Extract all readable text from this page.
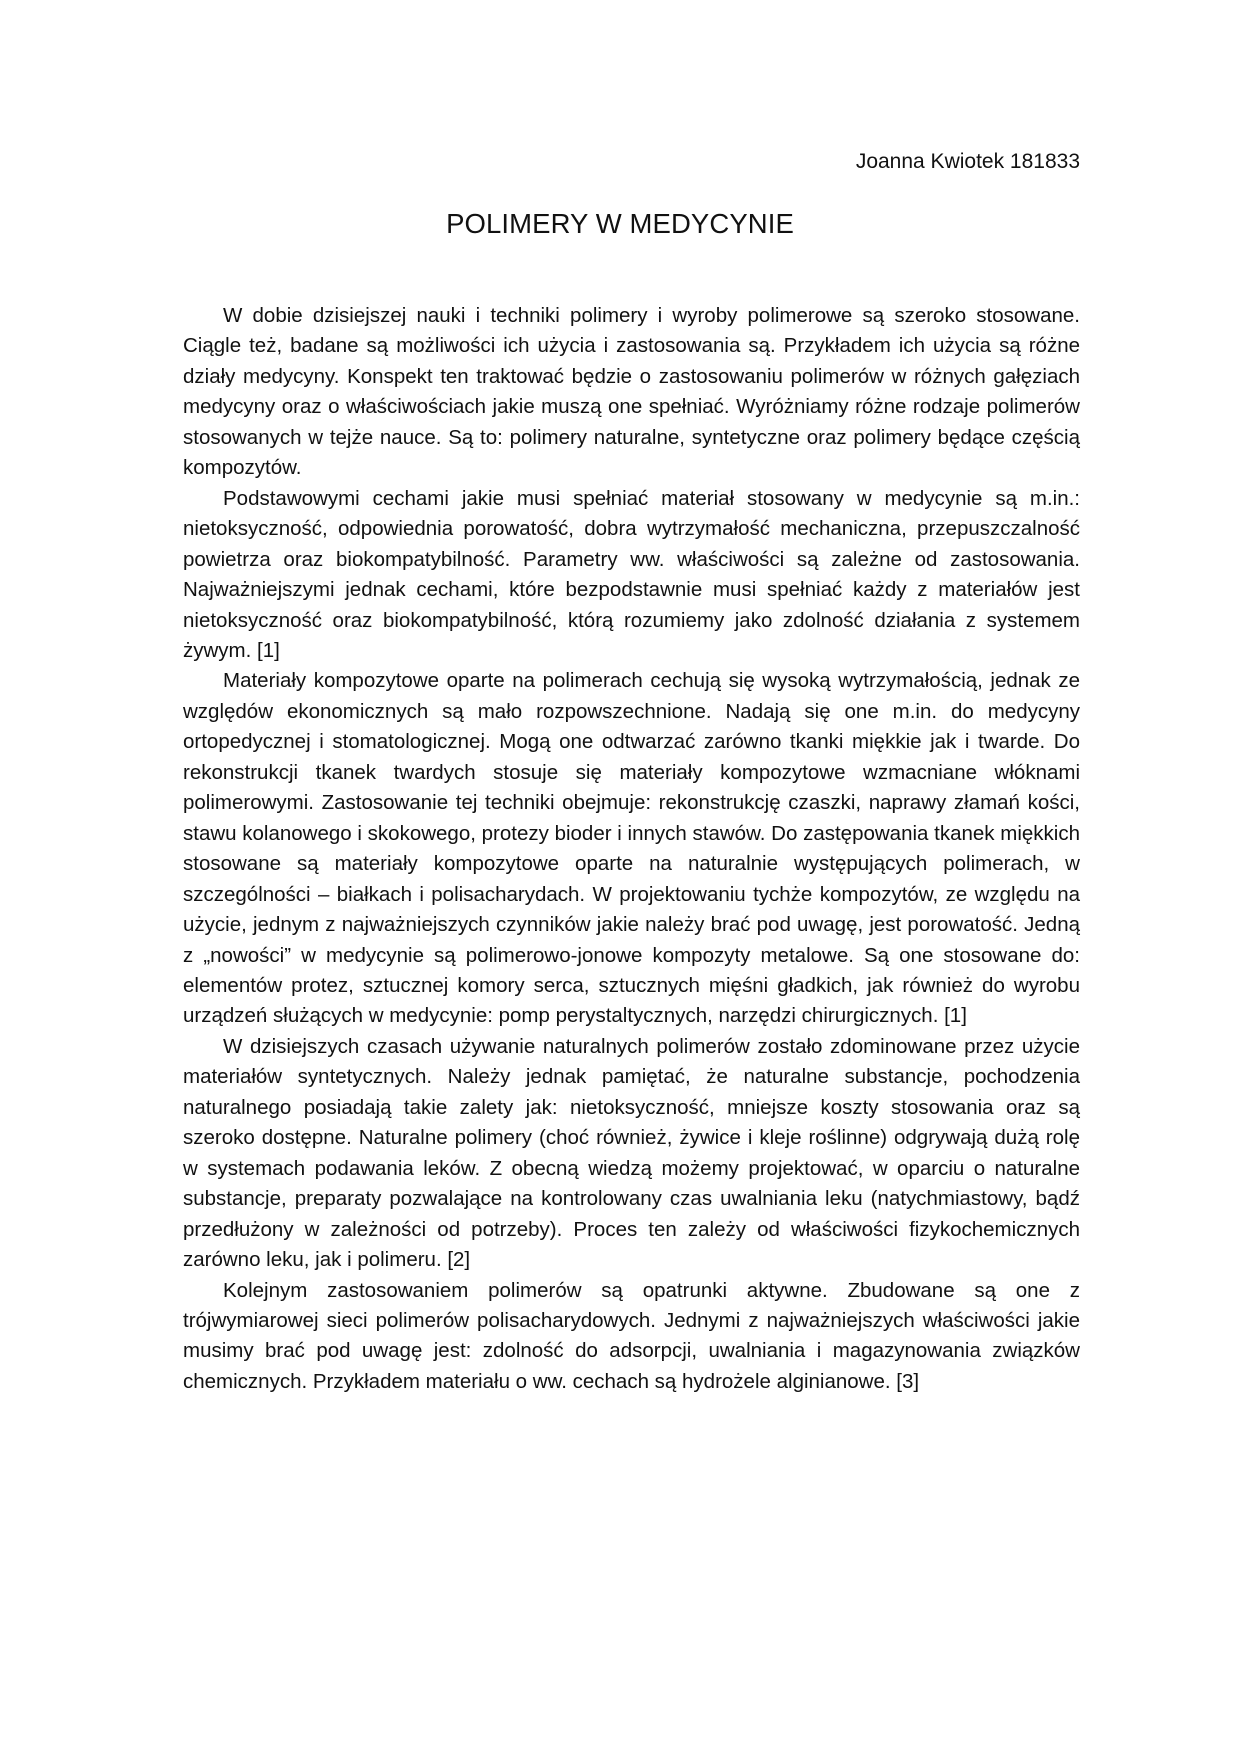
Joanna Kwiotek 181833
POLIMERY W MEDYCYNIE

W dobie dzisiejszej nauki i techniki polimery i wyroby polimerowe są szeroko stosowane. Ciągle też, badane są możliwości ich użycia i zastosowania są. Przykładem ich użycia są różne działy medycyny. Konspekt ten traktować będzie o zastosowaniu polimerów w różnych gałęziach medycyny oraz o właściwościach jakie muszą one spełniać. Wyróżniamy różne rodzaje polimerów stosowanych w tejże nauce. Są to: polimery naturalne, syntetyczne oraz polimery będące częścią kompozytów.

Podstawowymi cechami jakie musi spełniać materiał stosowany w medycynie są m.in.: nietoksyczność, odpowiednia porowatość, dobra wytrzymałość mechaniczna, przepuszczalność powietrza oraz biokompatybilność. Parametry ww. właściwości są zależne od zastosowania. Najważniejszymi jednak cechami, które bezpodstawnie musi spełniać każdy z materiałów jest nietoksyczność oraz biokompatybilność, którą rozumiemy jako zdolność działania z systemem żywym. [1]

Materiały kompozytowe oparte na polimerach cechują się wysoką wytrzymałością, jednak ze względów ekonomicznych są mało rozpowszechnione. Nadają się one m.in. do medycyny ortopedycznej i stomatologicznej. Mogą one odtwarzać zarówno tkanki miękkie jak i twarde. Do rekonstrukcji tkanek twardych stosuje się materiały kompozytowe wzmacniane włóknami polimerowymi. Zastosowanie tej techniki obejmuje: rekonstrukcję czaszki, naprawy złamań kości, stawu kolanowego i skokowego, protezy bioder i innych stawów. Do zastępowania tkanek miękkich stosowane są materiały kompozytowe oparte na naturalnie występujących polimerach, w szczególności – białkach i polisacharydach. W projektowaniu tychże kompozytów, ze względu na użycie, jednym z najważniejszych czynników jakie należy brać pod uwagę, jest porowatość. Jedną z „nowości” w medycynie są polimerowo-jonowe kompozyty metalowe. Są one stosowane do: elementów protez, sztucznej komory serca, sztucznych mięśni gładkich, jak również do wyrobu urządzeń służących w medycynie: pomp perystaltycznych, narzędzi chirurgicznych. [1]

W dzisiejszych czasach używanie naturalnych polimerów zostało zdominowane przez użycie materiałów syntetycznych. Należy jednak pamiętać, że naturalne substancje, pochodzenia naturalnego posiadają takie zalety jak: nietoksyczność, mniejsze koszty stosowania oraz są szeroko dostępne. Naturalne polimery (choć również, żywice i kleje roślinne) odgrywają dużą rolę w systemach podawania leków. Z obecną wiedzą możemy projektować, w oparciu o naturalne substancje, preparaty pozwalające na kontrolowany czas uwalniania leku (natychmiastowy, bądź przedłużony w zależności od potrzeby). Proces ten zależy od właściwości fizykochemicznych zarówno leku, jak i polimeru. [2]

Kolejnym zastosowaniem polimerów są opatrunki aktywne. Zbudowane są one z trójwymiarowej sieci polimerów polisacharydowych. Jednymi z najważniejszych właściwości jakie musimy brać pod uwagę jest: zdolność do adsorpcji, uwalniania i magazynowania związków chemicznych. Przykładem materiału o ww. cechach są hydrożele alginianowe. [3]
